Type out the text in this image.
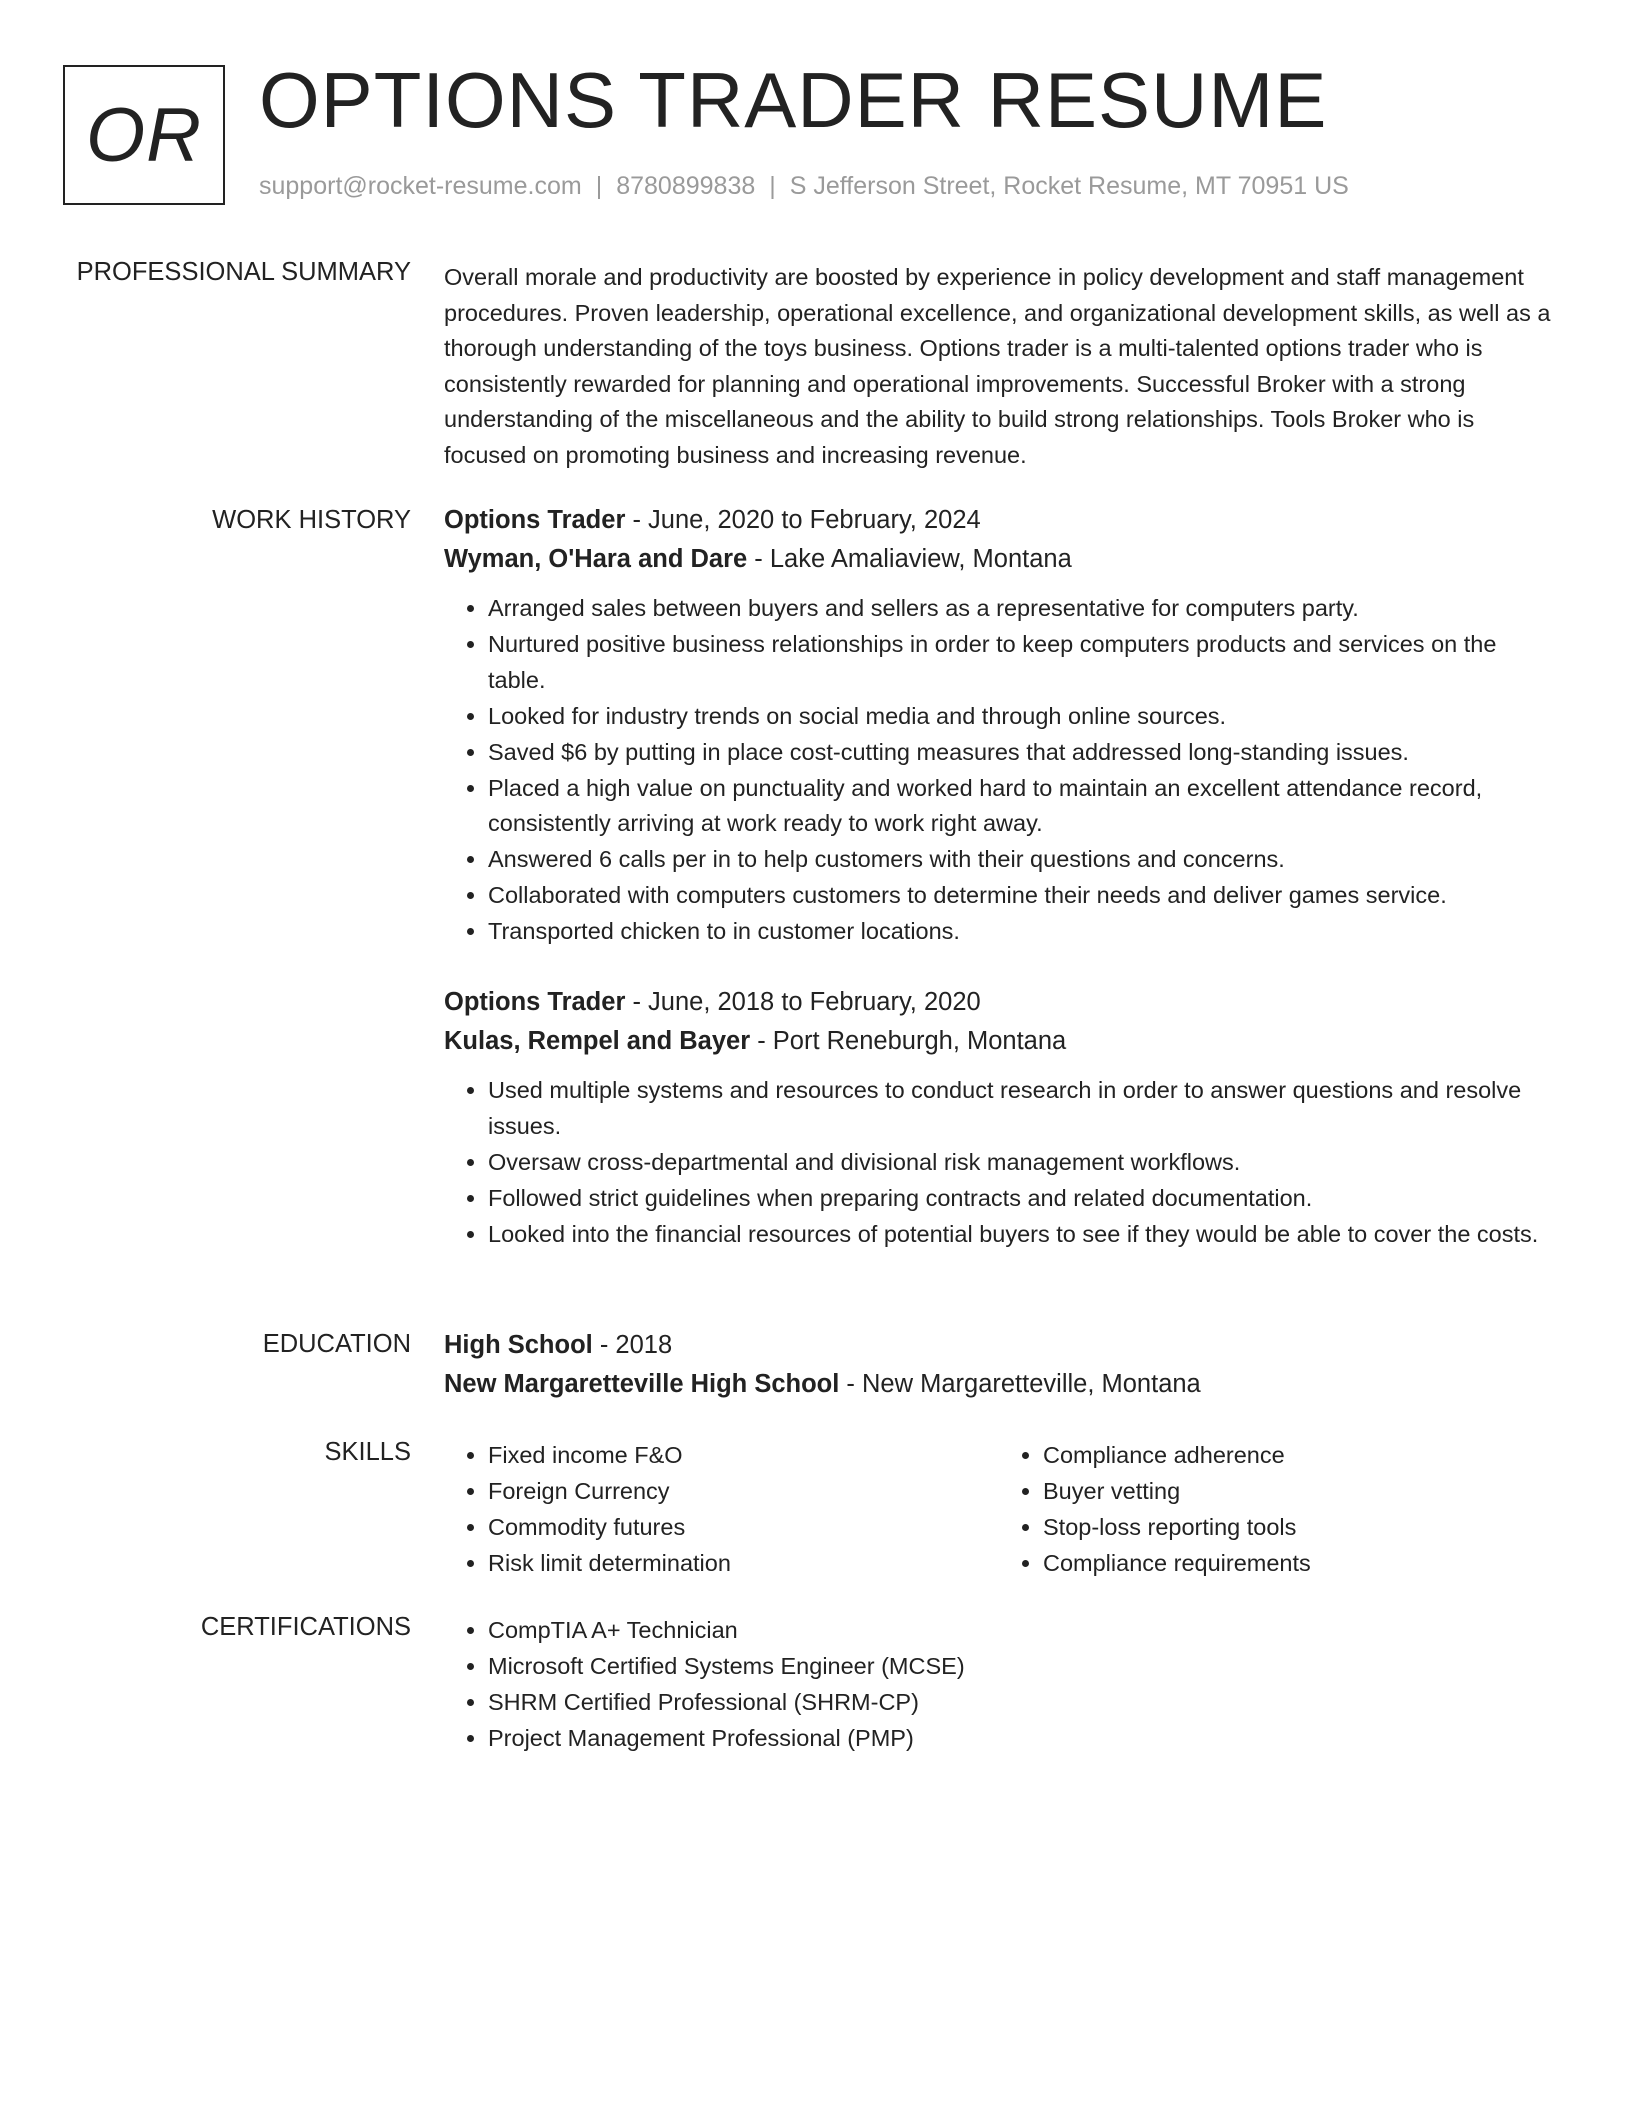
OR OPTIONS TRADER RESUME
support@rocket-resume.com | 8780899838 | S Jefferson Street, Rocket Resume, MT 70951 US
PROFESSIONAL SUMMARY Overall morale and productivity are boosted by experience in policy development and staff management procedures. Proven leadership, operational excellence, and organizational development skills, as well as a thorough understanding of the toys business. Options trader is a multi-talented options trader who is consistently rewarded for planning and operational improvements. Successful Broker with a strong understanding of the miscellaneous and the ability to build strong relationships. Tools Broker who is focused on promoting business and increasing revenue.

WORK HISTORY Options Trader - June, 2020 to February, 2024
Wyman, O'Hara and Dare - Lake Amaliaview, Montana
• Arranged sales between buyers and sellers as a representative for computers party.
• Nurtured positive business relationships in order to keep computers products and services on the table.
• Looked for industry trends on social media and through online sources.
• Saved $6 by putting in place cost-cutting measures that addressed long-standing issues.
• Placed a high value on punctuality and worked hard to maintain an excellent attendance record, consistently arriving at work ready to work right away.
• Answered 6 calls per in to help customers with their questions and concerns.
• Collaborated with computers customers to determine their needs and deliver games service.
• Transported chicken to in customer locations.
Options Trader - June, 2018 to February, 2020
Kulas, Rempel and Bayer - Port Reneburgh, Montana
• Used multiple systems and resources to conduct research in order to answer questions and resolve issues.
• Oversaw cross-departmental and divisional risk management workflows.
• Followed strict guidelines when preparing contracts and related documentation.
• Looked into the financial resources of potential buyers to see if they would be able to cover the costs.
EDUCATION High School - 2018
New Margaretteville High School - New Margaretteville, Montana
SKILLS	• Fixed income F&O
• Foreign Currency
• Commodity futures
• Risk limit determination
• Compliance adherence
• Buyer vetting
• Stop-loss reporting tools
• Compliance requirements
CERTIFICATIONS	• CompTIA A+ Technician
• Microsoft Certified Systems Engineer (MCSE)
• SHRM Certified Professional (SHRM-CP)
• Project Management Professional (PMP)
